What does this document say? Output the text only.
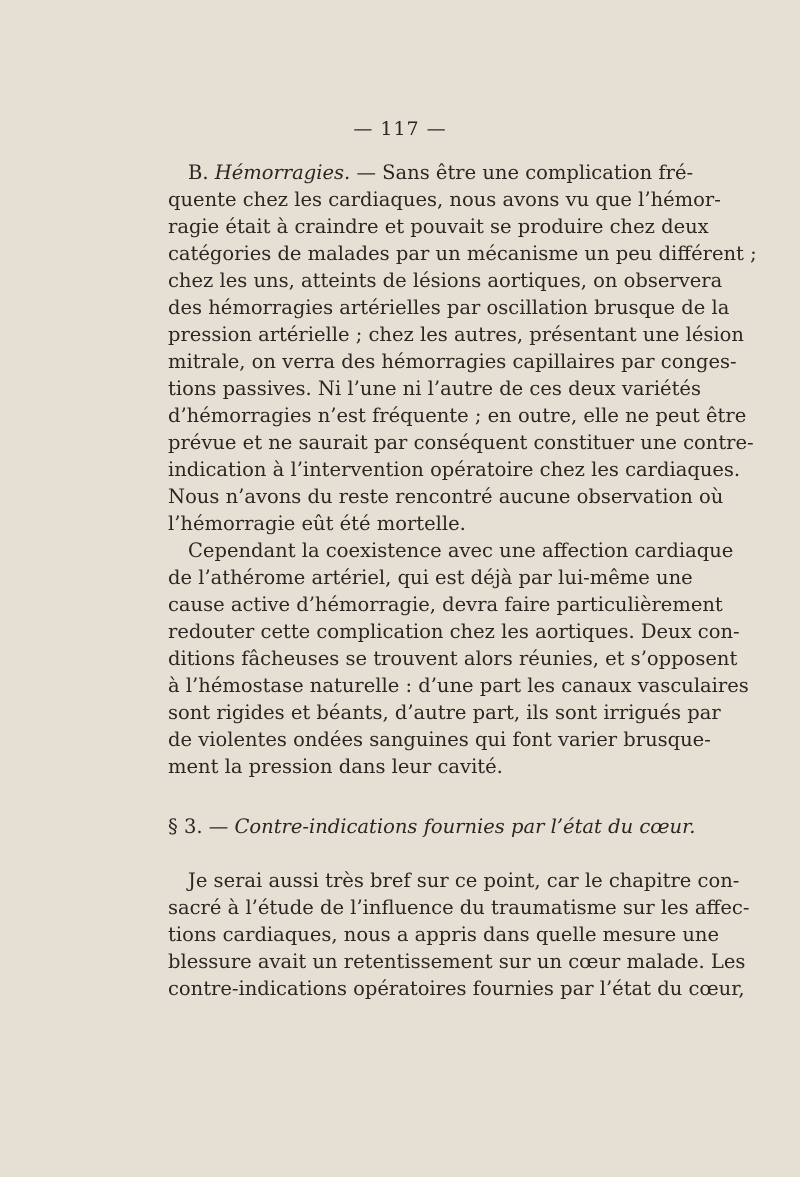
— 117 —
B. Hémorragies. — Sans être une complication fré-
quente chez les cardiaques, nous avons vu que l’hémor-
ragie était à craindre et pouvait se produire chez deux
catégories de malades par un mécanisme un peu différent ;
chez les uns, atteints de lésions aortiques, on observera
des hémorragies artérielles par oscillation brusque de la
pression artérielle ; chez les autres, présentant une lésion
mitrale, on verra des hémorragies capillaires par conges-
tions passives. Ni l’une ni l’autre de ces deux variétés
d’hémorragies n’est fréquente ; en outre, elle ne peut être
prévue et ne saurait par conséquent constituer une contre-
indication à l’intervention opératoire chez les cardiaques.
Nous n’avons du reste rencontré aucune observation où
l’hémorragie eût été mortelle.
Cependant la coexistence avec une affection cardiaque
de l’athérome artériel, qui est déjà par lui-même une
cause active d’hémorragie, devra faire particulièrement
redouter cette complication chez les aortiques. Deux con-
ditions fâcheuses se trouvent alors réunies, et s’opposent
à l’hémostase naturelle : d’une part les canaux vasculaires
sont rigides et béants, d’autre part, ils sont irrigués par
de violentes ondées sanguines qui font varier brusque-
ment la pression dans leur cavité.
§ 3. — Contre-indications fournies par l’état du cœur.
Je serai aussi très bref sur ce point, car le chapitre con-
sacré à l’étude de l’influence du traumatisme sur les affec-
tions cardiaques, nous a appris dans quelle mesure une
blessure avait un retentissement sur un cœur malade. Les
contre-indications opératoires fournies par l’état du cœur,
